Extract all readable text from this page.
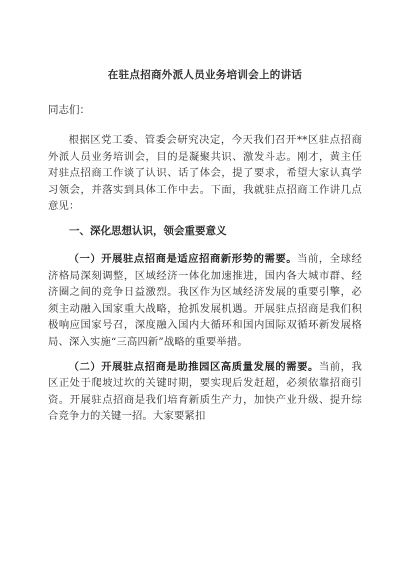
在驻点招商外派人员业务培训会上的讲话
同志们：

根据区党工委、管委会研究决定，今天我们召开**区驻点招商外派人员业务培训会，目的是凝聚共识、激发斗志。刚才，黄主任对驻点招商工作谈了认识、话了体会，提了要求，希望大家认真学习领会，并落实到具体工作中去。下面，我就驻点招商工作讲几点意见：

一、深化思想认识，领会重要意义

（一）开展驻点招商是适应招商新形势的需要。当前，全球经济格局深刻调整，区域经济一体化加速推进，国内各大城市群、经济圈之间的竞争日益激烈。我区作为区域经济发展的重要引擎，必须主动融入国家重大战略，抢抓发展机遇。开展驻点招商是我们积极响应国家号召，深度融入国内大循环和国内国际双循环新发展格局、深入实施“三高四新”战略的重要举措。

（二）开展驻点招商是助推园区高质量发展的需要。当前，我区正处于爬坡过坎的关键时期，要实现后发赶超，必须依靠招商引资。开展驻点招商是我们培育新质生产力，加快产业升级、提升综合竞争力的关键一招。大家要紧扣
